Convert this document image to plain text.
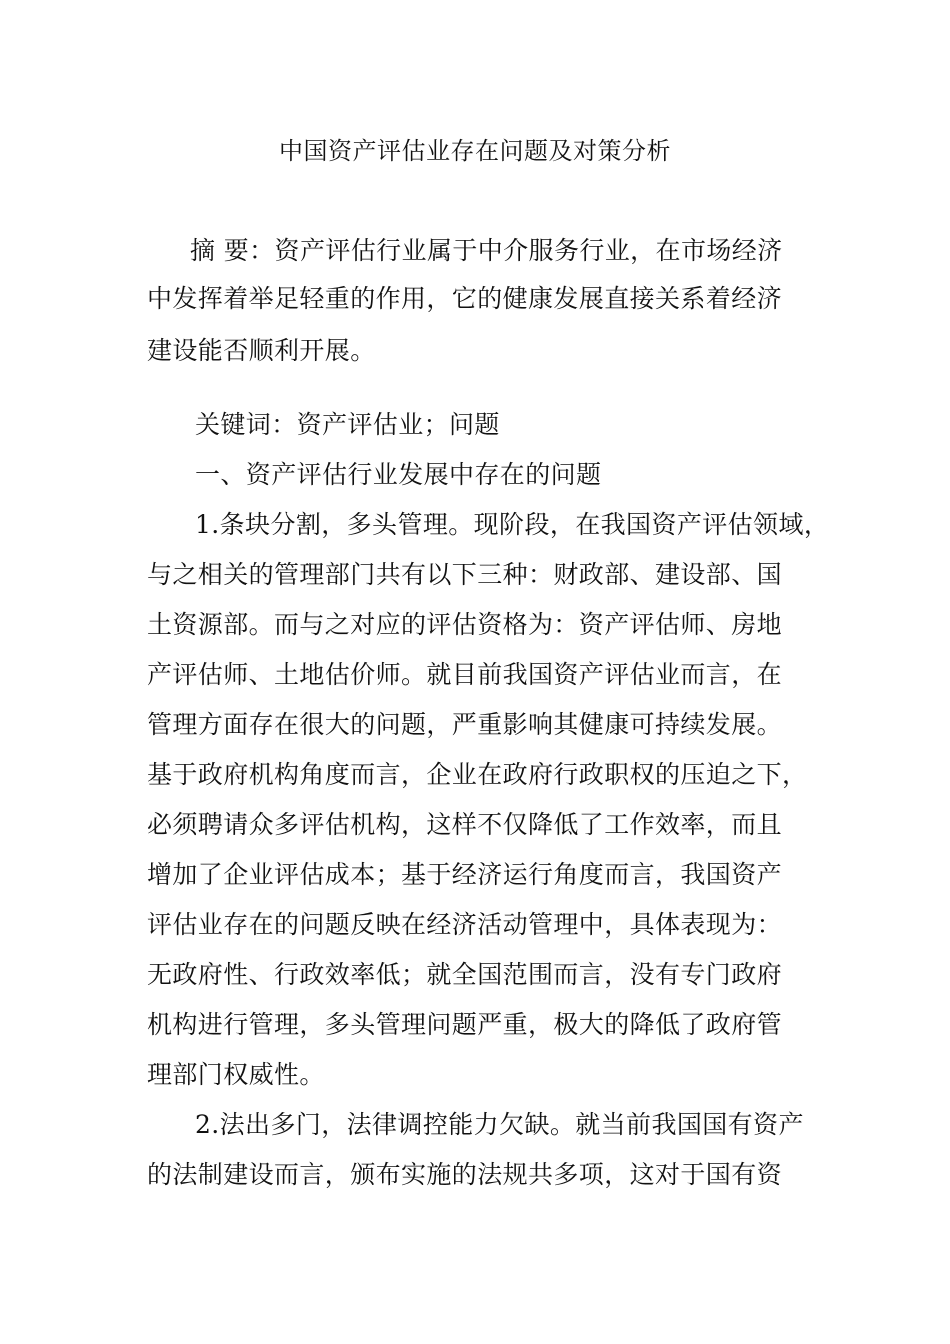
中国资产评估业存在问题及对策分析
摘 要：资产评估行业属于中介服务行业，在市场经济
中发挥着举足轻重的作用，它的健康发展直接关系着经济
建设能否顺利开展。
关键词：资产评估业；问题
一、资产评估行业发展中存在的问题
1.条块分割，多头管理。现阶段，在我国资产评估领域，
与之相关的管理部门共有以下三种：财政部、建设部、国
土资源部。而与之对应的评估资格为：资产评估师、房地
产评估师、土地估价师。就目前我国资产评估业而言，在
管理方面存在很大的问题，严重影响其健康可持续发展。
基于政府机构角度而言，企业在政府行政职权的压迫之下，
必须聘请众多评估机构，这样不仅降低了工作效率，而且
增加了企业评估成本；基于经济运行角度而言，我国资产
评估业存在的问题反映在经济活动管理中，具体表现为：
无政府性、行政效率低；就全国范围而言，没有专门政府
机构进行管理，多头管理问题严重，极大的降低了政府管
理部门权威性。
2.法出多门，法律调控能力欠缺。就当前我国国有资产
的法制建设而言，颁布实施的法规共多项，这对于国有资
